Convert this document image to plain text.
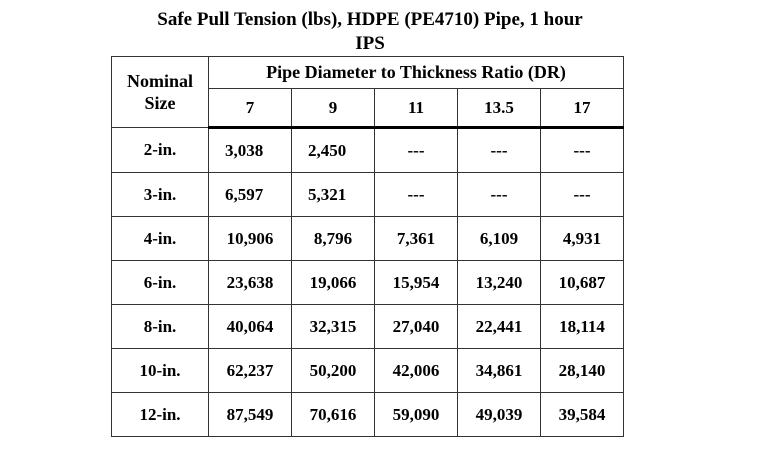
Safe Pull Tension (lbs), HDPE (PE4710) Pipe, 1 hour
IPS
Nominal
Size	Pipe Diameter to Thickness Ratio (DR)				
	7	9	11	13.5	17
2-in.	3,038	2,450	---	---	---
3-in.	6,597	5,321	---	---	---
4-in.	10,906	8,796	7,361	6,109	4,931
6-in.	23,638	19,066	15,954	13,240	10,687
8-in.	40,064	32,315	27,040	22,441	18,114
10-in.	62,237	50,200	42,006	34,861	28,140
12-in.	87,549	70,616	59,090	49,039	39,584
